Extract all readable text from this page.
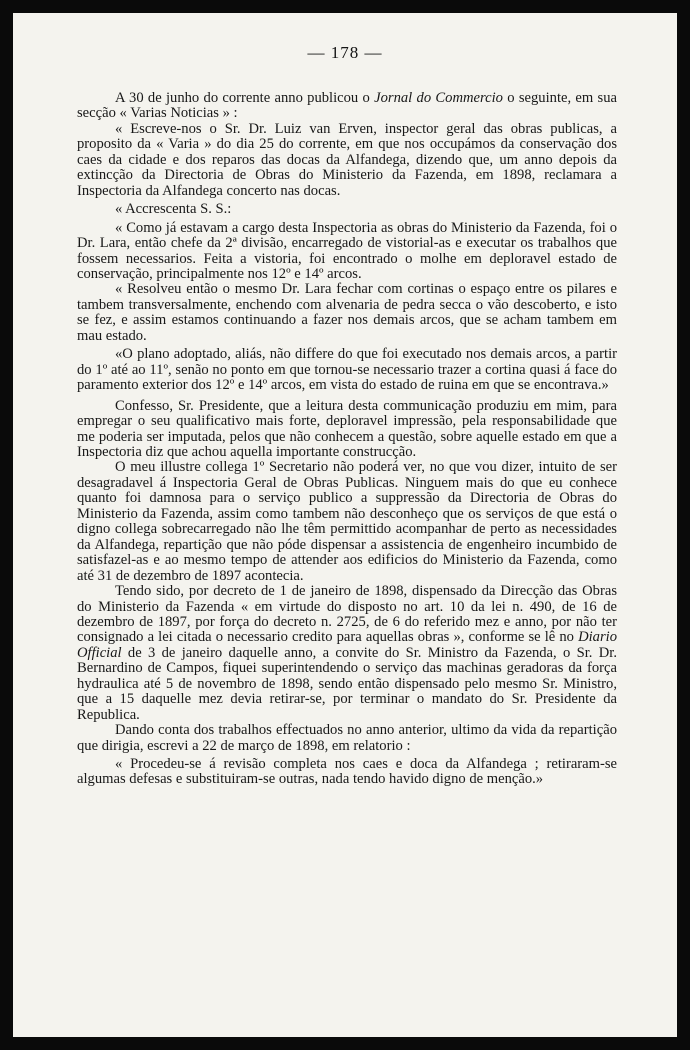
— 178 —

A 30 de junho do corrente anno publicou o Jornal do Commercio o seguinte, em sua secção « Varias Noticias » :

« Escreve-nos o Sr. Dr. Luiz van Erven, inspector geral das obras publicas, a proposito da « Varia » do dia 25 do corrente, em que nos occupámos da conservação dos caes da cidade e dos reparos das docas da Alfandega, dizendo que, um anno depois da extincção da Directoria de Obras do Ministerio da Fazenda, em 1898, reclamara a Inspectoria da Alfandega concerto nas docas.

« Accrescenta S. S.:

« Como já estavam a cargo desta Inspectoria as obras do Ministerio da Fazenda, foi o Dr. Lara, então chefe da 2ª divisão, encarregado de vistorial-as e executar os trabalhos que fossem necessarios. Feita a vistoria, foi encontrado o molhe em deploravel estado de conservação, principalmente nos 12º e 14º arcos.

« Resolveu então o mesmo Dr. Lara fechar com cortinas o espaço entre os pilares e tambem transversalmente, enchendo com alvenaria de pedra secca o vão descoberto, e isto se fez, e assim estamos continuando a fazer nos demais arcos, que se acham tambem em mau estado.

«O plano adoptado, aliás, não differe do que foi executado nos demais arcos, a partir do 1º até ao 11º, senão no ponto em que tornou-se necessario trazer a cortina quasi á face do paramento exterior dos 12º e 14º arcos, em vista do estado de ruina em que se encontrava.»

Confesso, Sr. Presidente, que a leitura desta communicação produziu em mim, para empregar o seu qualificativo mais forte, deploravel impressão, pela responsabilidade que me poderia ser imputada, pelos que não conhecem a questão, sobre aquelle estado em que a Inspectoria diz que achou aquella importante construcção.

O meu illustre collega 1º Secretario não poderá ver, no que vou dizer, intuito de ser desagradavel á Inspectoria Geral de Obras Publicas. Ninguem mais do que eu conhece quanto foi damnosa para o serviço publico a suppressão da Directoria de Obras do Ministerio da Fazenda, assim como tambem não desconheço que os serviços de que está o digno collega sobrecarregado não lhe têm permittido acompanhar de perto as necessidades da Alfandega, repartição que não póde dispensar a assistencia de engenheiro incumbido de satisfazel-as e ao mesmo tempo de attender aos edificios do Ministerio da Fazenda, como até 31 de dezembro de 1897 acontecia.

Tendo sido, por decreto de 1 de janeiro de 1898, dispensado da Direcção das Obras do Ministerio da Fazenda « em virtude do disposto no art. 10 da lei n. 490, de 16 de dezembro de 1897, por força do decreto n. 2725, de 6 do referido mez e anno, por não ter consignado a lei citada o necessario credito para aquellas obras », conforme se lê no Diario Official de 3 de janeiro daquelle anno, a convite do Sr. Ministro da Fazenda, o Sr. Dr. Bernardino de Campos, fiquei superintendendo o serviço das machinas geradoras da força hydraulica até 5 de novembro de 1898, sendo então dispensado pelo mesmo Sr. Ministro, que a 15 daquelle mez devia retirar-se, por terminar o mandato do Sr. Presidente da Republica.

Dando conta dos trabalhos effectuados no anno anterior, ultimo da vida da repartição que dirigia, escrevi a 22 de março de 1898, em relatorio :

« Procedeu-se á revisão completa nos caes e doca da Alfandega ; retiraram-se algumas defesas e substituiram-se outras, nada tendo havido digno de menção.»
